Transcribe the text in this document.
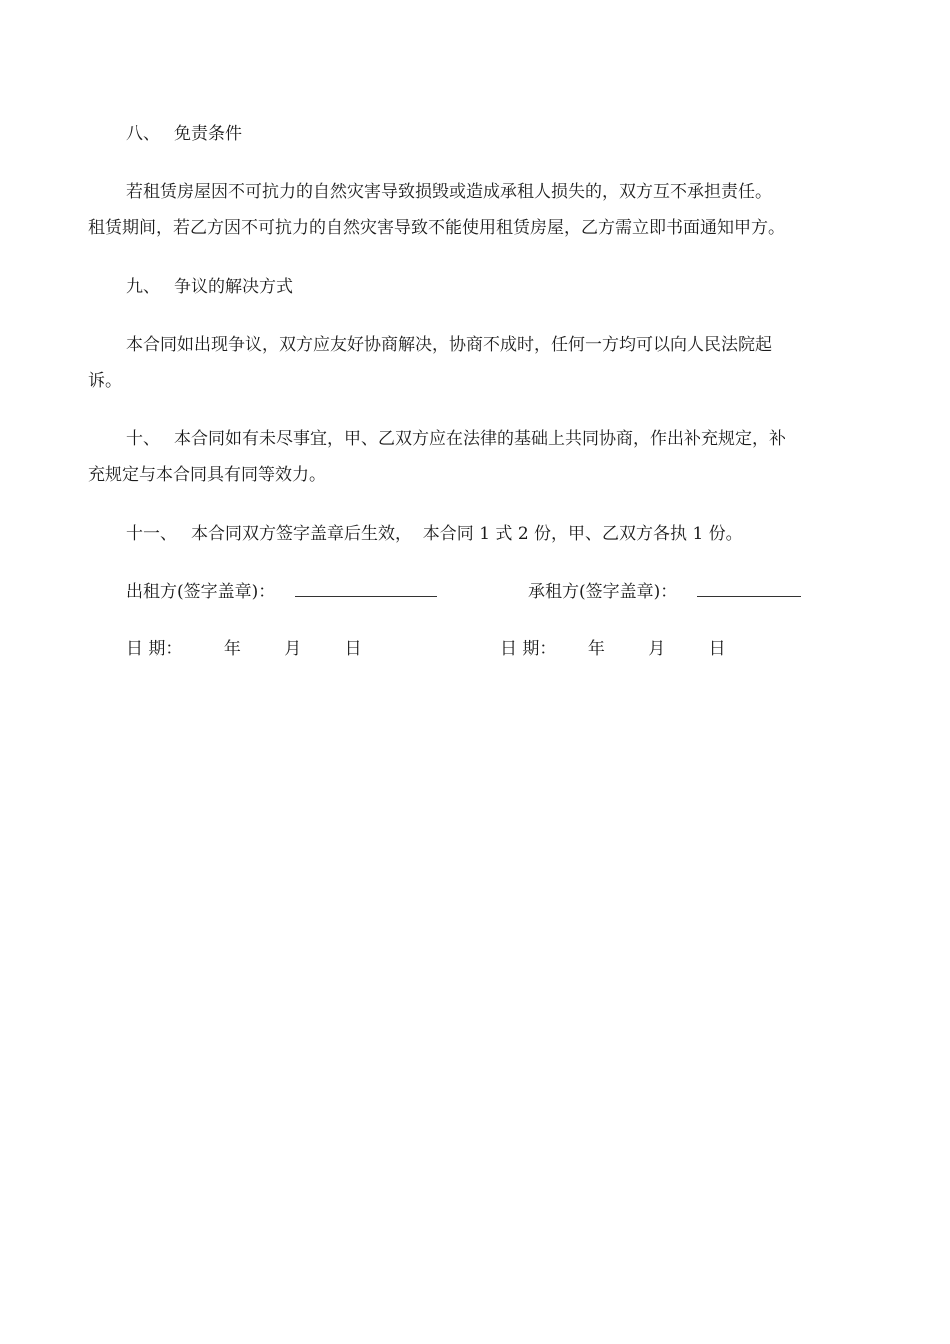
八、 免责条件
若租赁房屋因不可抗力的自然灾害导致损毁或造成承租人损失的，双方互不承担责任。
租赁期间，若乙方因不可抗力的自然灾害导致不能使用租赁房屋，乙方需立即书面通知甲方。
九、 争议的解决方式
本合同如出现争议，双方应友好协商解决，协商不成时，任何一方均可以向人民法院起
诉。
十、 本合同如有未尽事宜，甲、乙双方应在法律的基础上共同协商，作出补充规定，补
充规定与本合同具有同等效力。
十一、 本合同双方签字盖章后生效，  本合同 1 式 2 份，甲、乙双方各执 1 份。
出租方(签字盖章)：	承租方(签字盖章)：
日 期： 年	月	日	日 期： 年	月	日
